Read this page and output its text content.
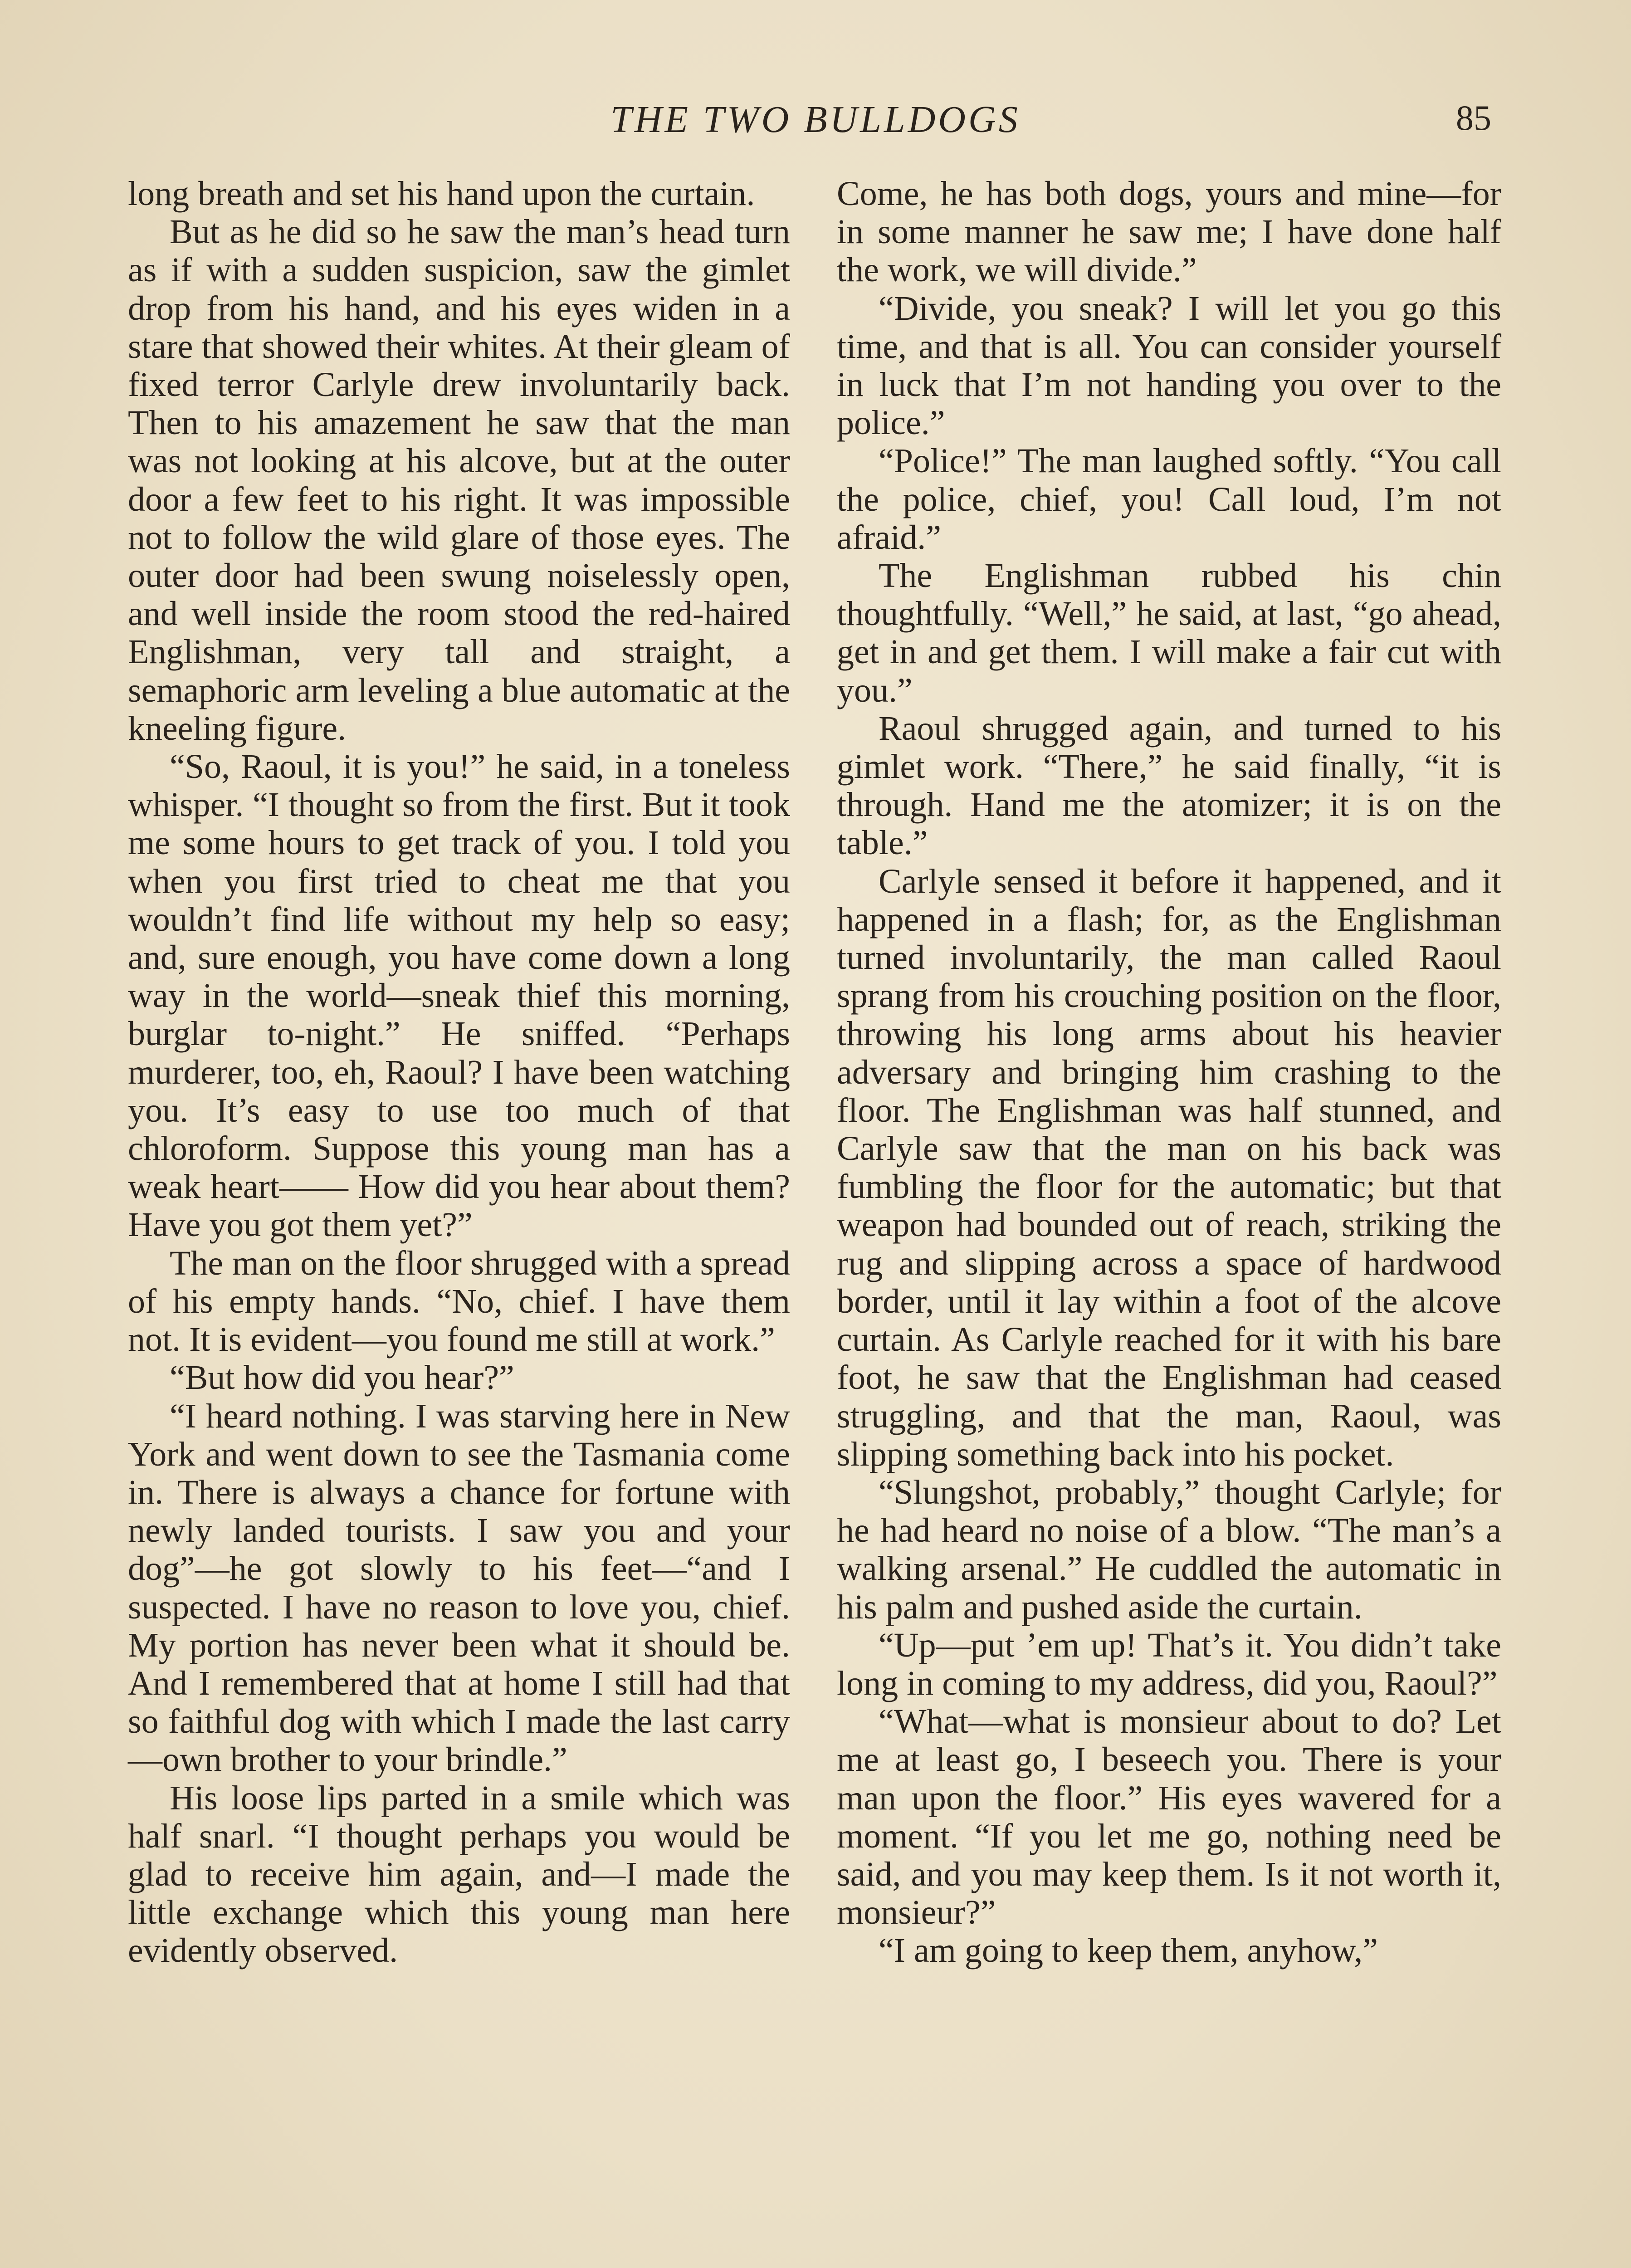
THE TWO BULLDOGS	85

long breath and set his hand upon the curtain.

But as he did so he saw the man’s head turn as if with a sudden suspicion, saw the gimlet drop from his hand, and his eyes widen in a stare that showed their whites. At their gleam of fixed terror Carlyle drew involuntarily back. Then to his amazement he saw that the man was not looking at his alcove, but at the outer door a few feet to his right. It was impossible not to follow the wild glare of those eyes. The outer door had been swung noiselessly open, and well inside the room stood the red-haired Englishman, very tall and straight, a semaphoric arm leveling a blue automatic at the kneeling figure.

“So, Raoul, it is you!” he said, in a toneless whisper. “I thought so from the first. But it took me some hours to get track of you. I told you when you first tried to cheat me that you wouldn’t find life without my help so easy; and, sure enough, you have come down a long way in the world—sneak thief this morning, burglar to-night.” He sniffed. “Perhaps murderer, too, eh, Raoul? I have been watching you. It’s easy to use too much of that chloroform. Suppose this young man has a weak heart—— How did you hear about them? Have you got them yet?”

The man on the floor shrugged with a spread of his empty hands. “No, chief. I have them not. It is evident—you found me still at work.”

“But how did you hear?”

“I heard nothing. I was starving here in New York and went down to see the Tasmania come in. There is always a chance for fortune with newly landed tourists. I saw you and your dog”—he got slowly to his feet—“and I suspected. I have no reason to love you, chief. My portion has never been what it should be. And I remembered that at home I still had that so faithful dog with which I made the last carry—own brother to your brindle.”

His loose lips parted in a smile which was half snarl. “I thought perhaps you would be glad to receive him again, and—I made the little exchange which this young man here evidently observed.

Come, he has both dogs, yours and mine—for in some manner he saw me; I have done half the work, we will divide.”

“Divide, you sneak? I will let you go this time, and that is all. You can consider yourself in luck that I’m not handing you over to the police.”

“Police!” The man laughed softly. “You call the police, chief, you! Call loud, I’m not afraid.”

The Englishman rubbed his chin thoughtfully. “Well,” he said, at last, “go ahead, get in and get them. I will make a fair cut with you.”

Raoul shrugged again, and turned to his gimlet work. “There,” he said finally, “it is through. Hand me the atomizer; it is on the table.”

Carlyle sensed it before it happened, and it happened in a flash; for, as the Englishman turned involuntarily, the man called Raoul sprang from his crouching position on the floor, throwing his long arms about his heavier adversary and bringing him crashing to the floor. The Englishman was half stunned, and Carlyle saw that the man on his back was fumbling the floor for the automatic; but that weapon had bounded out of reach, striking the rug and slipping across a space of hardwood border, until it lay within a foot of the alcove curtain. As Carlyle reached for it with his bare foot, he saw that the Englishman had ceased struggling, and that the man, Raoul, was slipping something back into his pocket.

“Slungshot, probably,” thought Carlyle; for he had heard no noise of a blow. “The man’s a walking arsenal.” He cuddled the automatic in his palm and pushed aside the curtain.

“Up—put ’em up! That’s it. You didn’t take long in coming to my address, did you, Raoul?”

“What—what is monsieur about to do? Let me at least go, I beseech you. There is your man upon the floor.” His eyes wavered for a moment. “If you let me go, nothing need be said, and you may keep them. Is it not worth it, monsieur?”

“I am going to keep them, anyhow,”
